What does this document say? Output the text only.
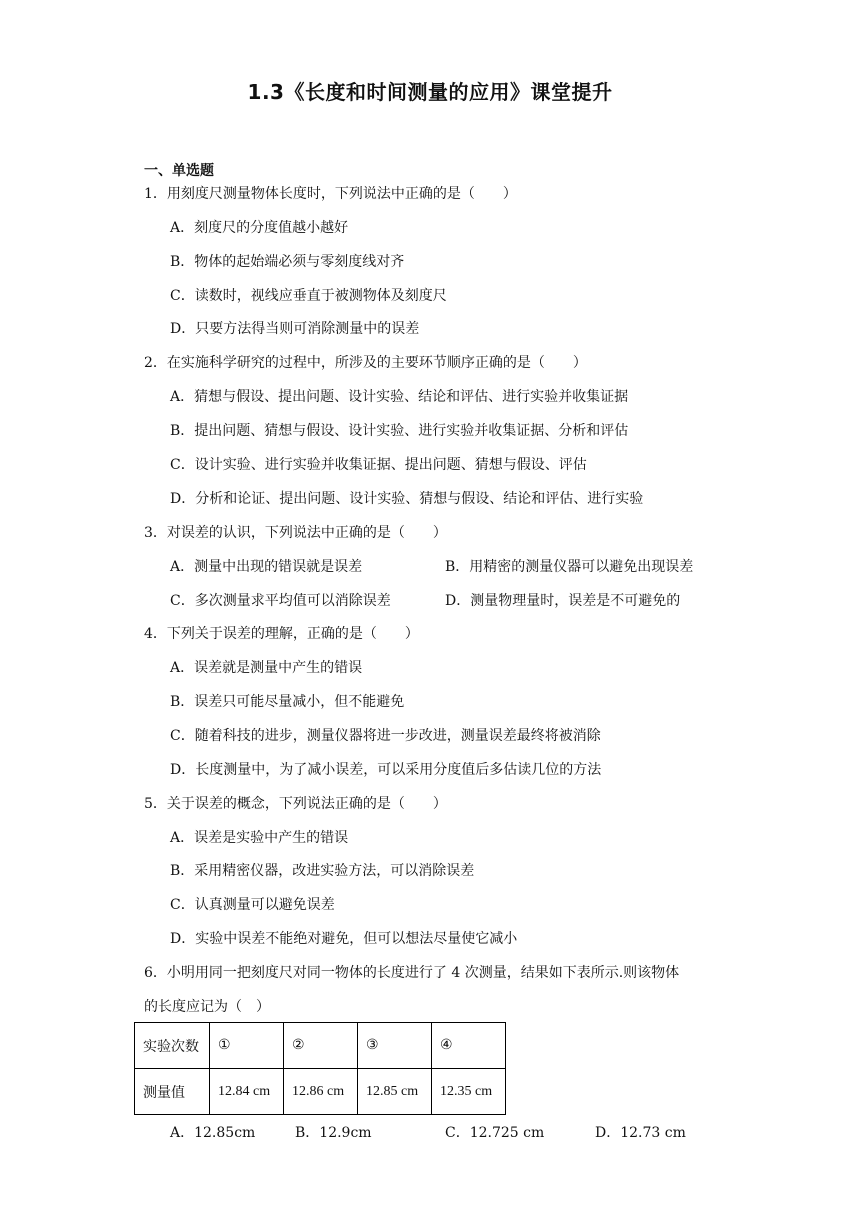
1.3《长度和时间测量的应用》课堂提升
一、单选题
1．用刻度尺测量物体长度时，下列说法中正确的是（　　）
A．刻度尺的分度值越小越好
B．物体的起始端必须与零刻度线对齐
C．读数时，视线应垂直于被测物体及刻度尺
D．只要方法得当则可消除测量中的误差
2．在实施科学研究的过程中，所涉及的主要环节顺序正确的是（　　）
A．猜想与假设、提出问题、设计实验、结论和评估、进行实验并收集证据
B．提出问题、猜想与假设、设计实验、进行实验并收集证据、分析和评估
C．设计实验、进行实验并收集证据、提出问题、猜想与假设、评估
D．分析和论证、提出问题、设计实验、猜想与假设、结论和评估、进行实验
3．对误差的认识，下列说法中正确的是（　　）
A．测量中出现的错误就是误差	B．用精密的测量仪器可以避免出现误差
C．多次测量求平均值可以消除误差	D．测量物理量时，误差是不可避免的
4．下列关于误差的理解，正确的是（　　）
A．误差就是测量中产生的错误
B．误差只可能尽量减小，但不能避免
C．随着科技的进步，测量仪器将进一步改进，测量误差最终将被消除
D．长度测量中，为了减小误差，可以采用分度值后多估读几位的方法
5．关于误差的概念，下列说法正确的是（　　）
A．误差是实验中产生的错误
B．采用精密仪器，改进实验方法，可以消除误差
C．认真测量可以避免误差
D．实验中误差不能绝对避免，但可以想法尽量使它减小
6．小明用同一把刻度尺对同一物体的长度进行了 4 次测量，结果如下表所示.则该物体
的长度应记为（　）
实验次数	①	②	③	④
测量值	12.84 cm	12.86 cm	12.85 cm	12.35 cm
A．12.85cm	B．12.9cm	C．12.725 cm	D．12.73 cm
